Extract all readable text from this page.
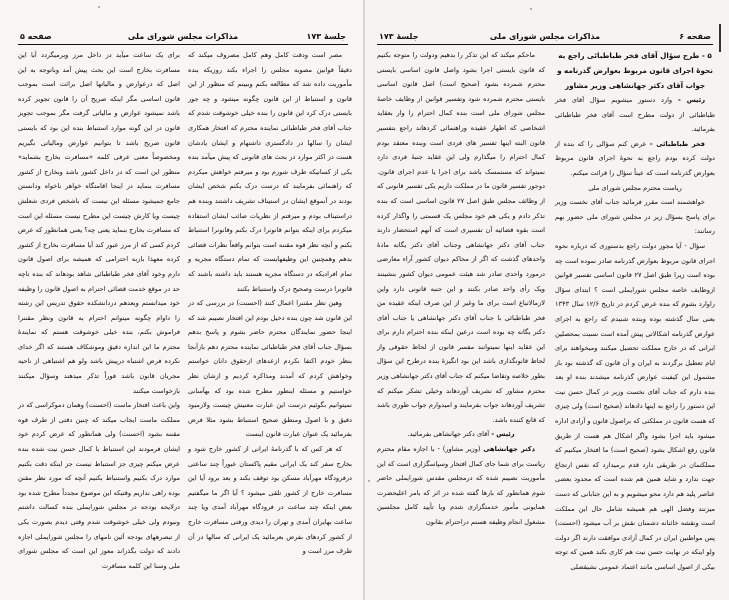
جلسهٔ ۱۷۳
مذاکرات مجلس شورای ملی
صفحه ۵

مصر است ودقت کامل وهم کامل مصروف میکند که دقیقاً قوانین مصوبه مجلس را اجراء بکند روزیکه بنده مأموریت داده شد که مطالعه بکنم وببینم که منظور از این قانون و استنباط از این قانون چگونه میشود و چه جور بایستی درک کرد این قانون را بنده خیلی خوشوقت شدم که جناب آقای فخر طباطبائی نماینده محترم که افتخار همکاری ایشان را سالها در دادگستری داشتهام و ایشان یادشان هست در اکثر موارد در بحث های قانونی که پیش میآمد بنده یکی از کسانیکه طرف شورم بود و میرفتم خواهش میکردم که راهنمائی بفرمایند که درست درک بکنم شخص ایشان بودند در آنموقع ایشان در استیناف تشریف داشتند وبنده هم دراستیناف بودم و میرفتم از نظریات صائب ایشان استفاده میکردم برای اینکه بتوانم قانونرا درک بکنم وقانونرا استنباط بکنم و آنچه نظر قوه مقننه است بتوانم واقعاً نظرات قضائی بدهم وهمچنین این وظیفهایست که تمام دستگاه مجریه و تمام افرادیکه در دستگاه مجریه هستند باید داشته باشند که قانونرا درست وصحیح درک واستنباط بکنند

وهین نظر مقننرا اعمال کنند (احسنت) در بررسی که در این قانون شد چون بنده دخیل بودم این افتخار نصیبم شد که اینجا حضور نمایندگان محترم حاضر بشوم و پاسخ بدهم بسؤال جناب آقای فخر طباطبائی نماینده محترم دهم بازآنجا بنظر خودم اکتفا نکردم ازعدهای ازحقوق دانان خواستم وخواهش کردم که آمدند ومذاکره کردیم و ازشان نظر خواستیم و مسئله اینطور مطرح شده بود که بهآسانی نمیتوانیم بگوئیم درست این عبارت معنیش چیست ولازمبود دقیق و با اصول ومنطق صحیح استنباط بشود مثلا فرض بفرمائید یک عنوان عبارت قانون اینست

که هر کس که با گذرنامهٔ ایرانی از کشور خارج شود و بخارج سفر کند یک ایرانی مقیم پاکستان عبوراً چند ساعتی درفرودگاه مهرآباد مسکن بود توقف بکند و بعد برود آیا این مسافرت خارج از کشور تلقی میشود ؟ آیا اگر ما میگفتیم بعض اینکه چند ساعت در فرودگاه مهرآباد آمدی ویا چند ساعت بهایران آمدی و تهران را دیدی ورفتی مسافرت خارج از کشور کردهای بفرض بعرمائید یک ایرانی که سالها در آن طرف مرز است و

برای یک ساعت میآید در داخل مرز وبرمیگردد آیا این مسافرت بخارج است این بحث پیش آمد وباتوجه به این اصل که درعوارض و مالیاتها اصل برائت است بموجب قانون اساسی مگر اینکه صریح آن را قانون تجویز کرده باشد نمیشود عوارض و مالیاتی گرفت مگر بموجب تجویز قانون در این گونه موارد استنباط بنده این بود که بایستی قانون صریح باشد تا بتوانیم عوارض ومالیاتی بگیریم ومخصوصاً معنی عرفی کلمه «مسافرت بخارج بشماید» منظور این است که در داخل کشور باشد وبخارج از کشور مسافرت بنماید در اینجا اقامتگاه خواهر ناخواه ودانستن جامع جمیشود مسئله این نیست که باشخص فردی شعلش چیست ویا کارش چیست این مطرح نیست مسئله این است که مسافرت بخارج بنماید یعنی چه؟ یعنی همانطور که عرض کردم کسی که از مرز عبور کند آیا مسافرت بخارج از کشور کرده معهذا بازبه احترامی که همیشه برای اصول قانون دارم وخود آقای فخر طباطبائی شاهد بودهاند که بنده تاچه حد در موقع خدمت قضائی احترام به اصول قانون را وظیفه خود میدانستم وبعدهم دردانشکده حقوق تدریس این رشته را داوام چگونه میتوانم احترام به قانون ونظر مقننرا فراموش بکنم، بنده خیلی خوشوقت هستم که نمایندهٔ محترم ما این اندازه دقیق وموشکاف هستند که اگر خدای نکرده فرض اشتباه درپیش باشد ولو هم اشتباهی از ناحیه مجریان قانون باشد فوراً تذکر میدهند وسؤال میکنند بازخواست میکنند

واین باعث افتخار ماست (احسنت) وهمان دموکراسی که در مملکت ماست ایجاب میکند که چنین دقتی از طرف قوه مقننه بشود (احسنت) ولی همانطور که عرض کردم خود ایشان فرمودند این استنباط با کمال حسن نیت شده بنده عرض میکنم چیزی جز استنباط نیست جز اینکه دقت بکنیم موارد درک بکنیم واستنباط بکنیم آنچه که مورد نظر مقنن بوده راهی نداریم وقتیکه این موضوع مجدداً مطرح شده بود درلایحه بودجه در مجلس شورایملی بنده کسالت داشتم ونبودم ولی خیلی خوشوقت شدم وقتی دیدم بصورت یکی از تبصرههای بودجه آئین نامهای را مجلس شورایملی اجازه دادند که دولت بگذراند معوز این است که مجلس شورای ملی وسنا این کلمه مسافرت

صفحه ۶
مذاکرات مجلس شورای ملی
جلسهٔ ۱۷۳

۵ - طرح سؤال آقای فخر طباطبائی راجع به نحوهٔ اجرای قانون مربوط بعوارض گذرنامه و جواب آقای دکتر جهانشاهی وزیر مشاور

رئیس - وارد دستور میشویم سؤال آقای فخر طباطبائی از دولت مطرح است آقای فخر طباطبائی بفرمائید.

فخر طباطبائی - عرض کنم سؤالی را که بنده از دولت کرده بودم راجع به نحوهٔ اجرای قانون مربوط بعوارض گذرنامه است که عیناً سؤال را قرائت میکنم.

ریاست محترم مجلس شورای ملی

خواهشمند است مقرر فرمائید جناب آقای نخست وزیر برای پاسخ بسؤال زیر در مجلس شورای ملی حضور بهم رسانند:

سؤال - آیا مجوز دولت راجع بدستوری که درباره نحوه اجرای قانون مربوط بعوارض گذرنامه صادر نموده است چه بوده است زیرا طبق اصل ۲۷ قانون اساسی تفسیر قوانین ازوظایف خاصه مجلس شورایملی است ؟ ابتدای سؤال راوارد بشوم که بنده عرض کردم در تاریخ ۱۲/۶ سال ۱۳۴۳ یعنی سال گذشته بوده وبنده شنیدم که راجع به اجرای عوارض گذرنامه اشکالاتی پیش آمده است نسبت بمحصلین ایرانی که در خارج مملکت تحصیل میکنند ومیخواهند برای ایام تعطیل برگردند به ایران و آن قانون که گذشته بود باز مشمول این کیفیت عوارض گذرنامه میشدند بنده او بعد بنده دارم که جناب آقای نخست وزیر در کمال حسن نیت این دستور را راجع به اینها دادهاند (صحیح است) ولی چیزی که هست قانون در مملکتی که براصول قانون و آزادی اداره میشود باید اجرا بشود واگر اشکال هم هست از طریق قانون رفع اشکال بشود (صحیح است) ما افتخار میکنیم که مملکتمان در طریقی دارد قدم برمیدارد که نفس ارتجاع جهت ندارد و شاید همین هم شده است که محدود بعضی عناصر پلید هم دارد محو میشویم و به این جنابانی که دست میزنند وفضل الهی هم همیشه شامل حال این مملکت است ونقشه خائنانه دشمنان نقش بر آب میشود (احسنت) پس مواطنین ایران در کمال آزادی موافقت دارند اگر دولت ولو اینکه در نهایت حسن نیت هم کاری بکند همین که توجه بیکی از اصول اساسی مانند اعتماد عمومی نشیقصلی

ماحکم میکند که این تذکر را بدهیم ودولت را متوجه بکنیم که قانون بایستی اجرا بشود واصل قانون اساسی بایستی محترم شمرده بشود (صحیح است) اصل قانون اساسی بایستی محترم شمرده شود وتفسیر قوانین از وظایف خاصهٔ مجلس شورای ملی است بنده کمال احترام را وار بعقاید اشخاصی که اظهار عقیده وراهنمائی کردهاند راجع بتفسیر قانون البته اینها تفسیر های فردی است وبنده معتقد بودم کمال احترام را میگذارم ولی این عقاید جنبهٔ فردی دارد نمیتواند که مستمسک باشد برای اجرا یا عدم اجرای قانون. دوجور تفسیر قانون ما در مملکت داریم یکی تفسیر قانونی که از وظائف مجلس طبق اصل ۲۷ قانون اساسی است که بنده تذکر دادم و یکی هم خود مجلس یک قسمتی را واگذار کرده است بقوه قضائیه آن تفسیری است که آنهم استحضار دارند جناب آقای دکتر جهانشاهی وجناب آقای دکتر یگانه مادهٔ واحدهای گذشت که اگر از محاکم دیوان کشور آراء معارضی درمورد واحدی صادر شد هیئت عمومی دیوان کشور بنشینند ویک رأی واحد صادر بکنند و این جنبه قانونی دارد واین لازمالاتباع است برای ما وغیر از این صرف اینکه عقیده من فخر طباطبائی با جناب آقای دکتر جهانشاهی یا جناب آقای دکتر یگانه چه بوده است درعین اینکه بنده احترام دارم برای این عقاید اینها نمیتوانند مفسر قانون از لحاظ حقوقی واز لحاظ قانونگذاری باشد این بود انگیزهٔ بنده درطرح این سؤال بطور خلاصه وتقاضا میکنم که جناب آقای دکتر جهانشاهی وزیر محترم مشاور که تشریف آوردهاند وخیلی تشکر میکنم که تشریف آوردهاند جواب بفرمایند و امیدوارم جواب طوری باشد که قانع کننده باشد.

رئیس - آقای دکتر جهانشاهی بفرمائید.

دکتر جهانشاهی (وزیر مشاور) - با اجازه مقام محترم ریاست برای شما جای کمال افتخار وسپاسگزاری است که این مأموریت نصیبم شده که درمجلس مقدس شورایملی حاضر شوم همانطور که بارها گفته شده در اثر که بامر اعلیحضرت همایونی مأمور خدمتگزاری شدم وبا تأیید کامل مجلسین مشغول انجام وظیفه هستم دراحترام بقانون
